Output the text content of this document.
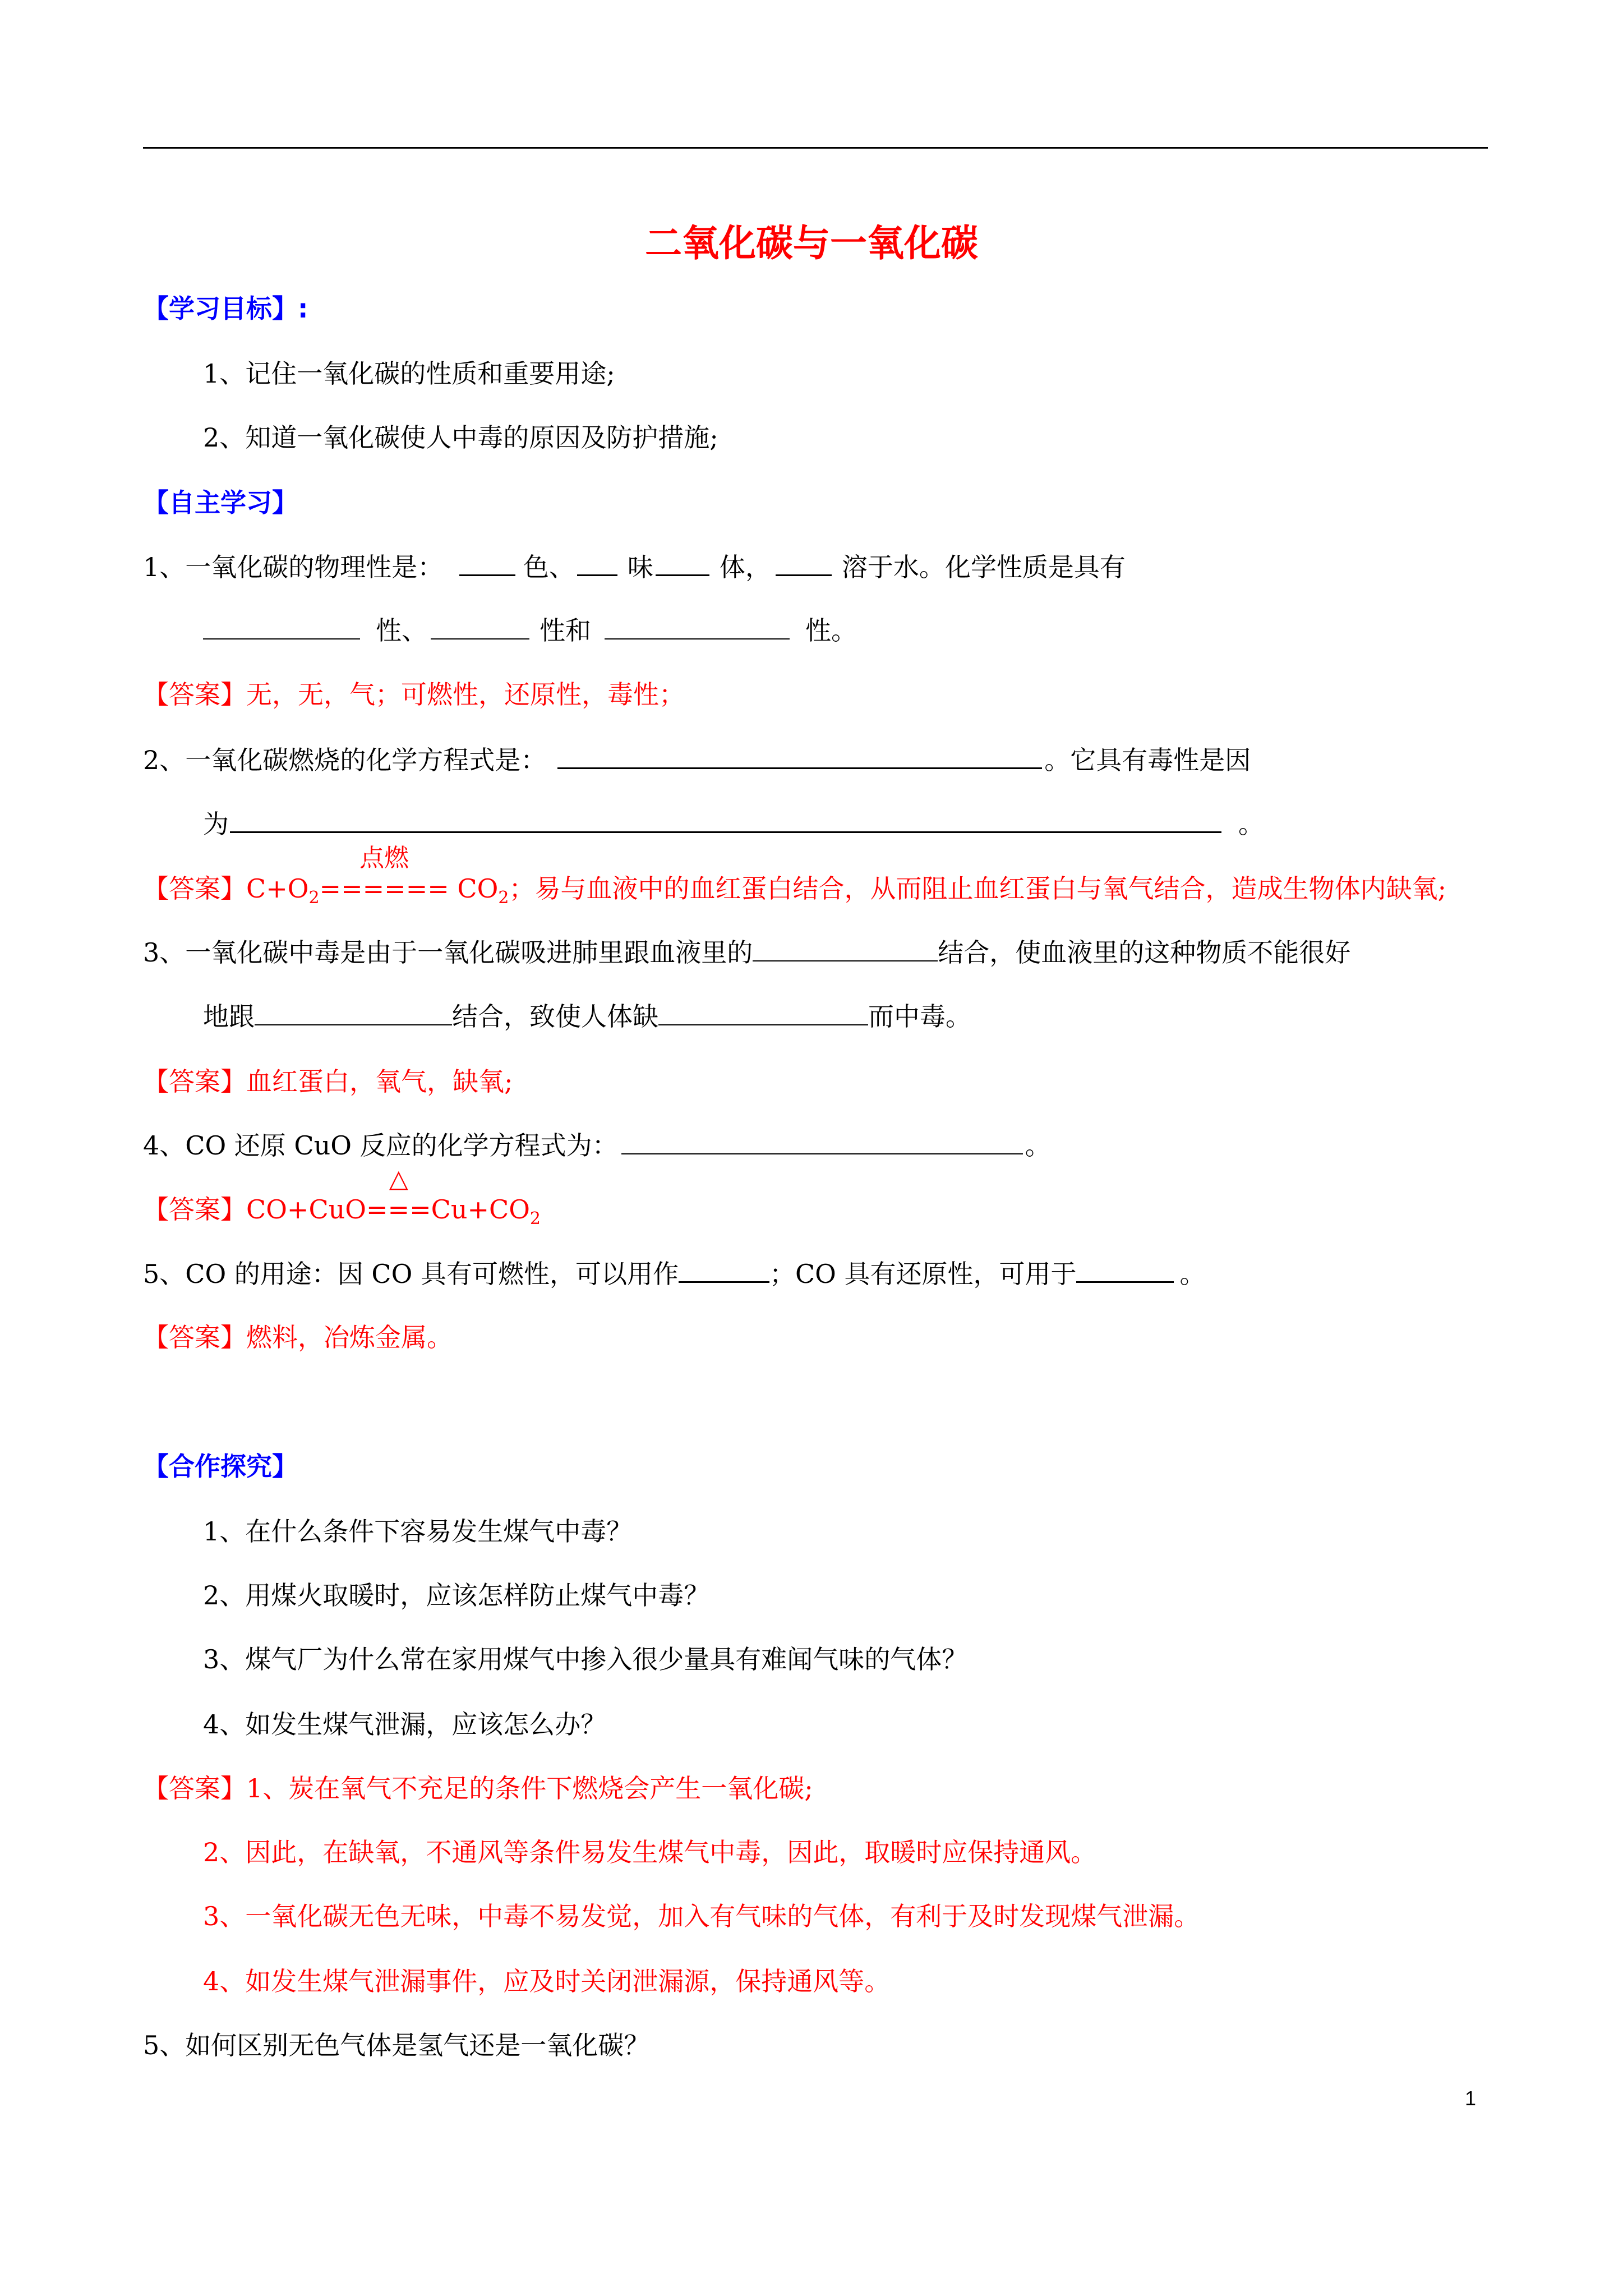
二氧化碳与一氧化碳
【学习目标】:
1、记住一氧化碳的性质和重要用途;
2、知道一氧化碳使人中毒的原因及防护措施;
【自主学习】
1、一氧化碳的物理性是：	色、 味	体，	溶于水。化学性质是具有
性、	性和	性。
【答案】无，无，气；可燃性，还原性，毒性；
2、一氧化碳燃烧的化学方程式是：	。它具有毒性是因
为	。
【答案】$C+O_2$
点燃
====== $CO_2$；易与血液中的血红蛋白结合，从而阻止血红蛋白与氧气结合，造成生物体内缺氧;
3、一氧化碳中毒是由于一氧化碳吸进肺里跟血液里的	结合，使血液里的这种物质不能很好
地跟	结合，致使人体缺	而中毒。
【答案】血红蛋白，氧气，缺氧;
4、CO 还原 CuO 反应的化学方程式为：	。
【答案】CO+CuO
△
$===Cu+CO_2$
5、CO 的用途：因 CO 具有可燃性，可以用作	；CO 具有还原性，可用于	。
【答案】燃料，冶炼金属。
【合作探究】
1、在什么条件下容易发生煤气中毒？
2、用煤火取暖时，应该怎样防止煤气中毒？
3、煤气厂为什么常在家用煤气中掺入很少量具有难闻气味的气体？
4、如发生煤气泄漏，应该怎么办？
【答案】1、炭在氧气不充足的条件下燃烧会产生一氧化碳;
2、因此，在缺氧，不通风等条件易发生煤气中毒，因此，取暖时应保持通风。
3、一氧化碳无色无味，中毒不易发觉，加入有气味的气体，有利于及时发现煤气泄漏。
4、如发生煤气泄漏事件，应及时关闭泄漏源，保持通风等。
5、如何区别无色气体是氢气还是一氧化碳？
1
